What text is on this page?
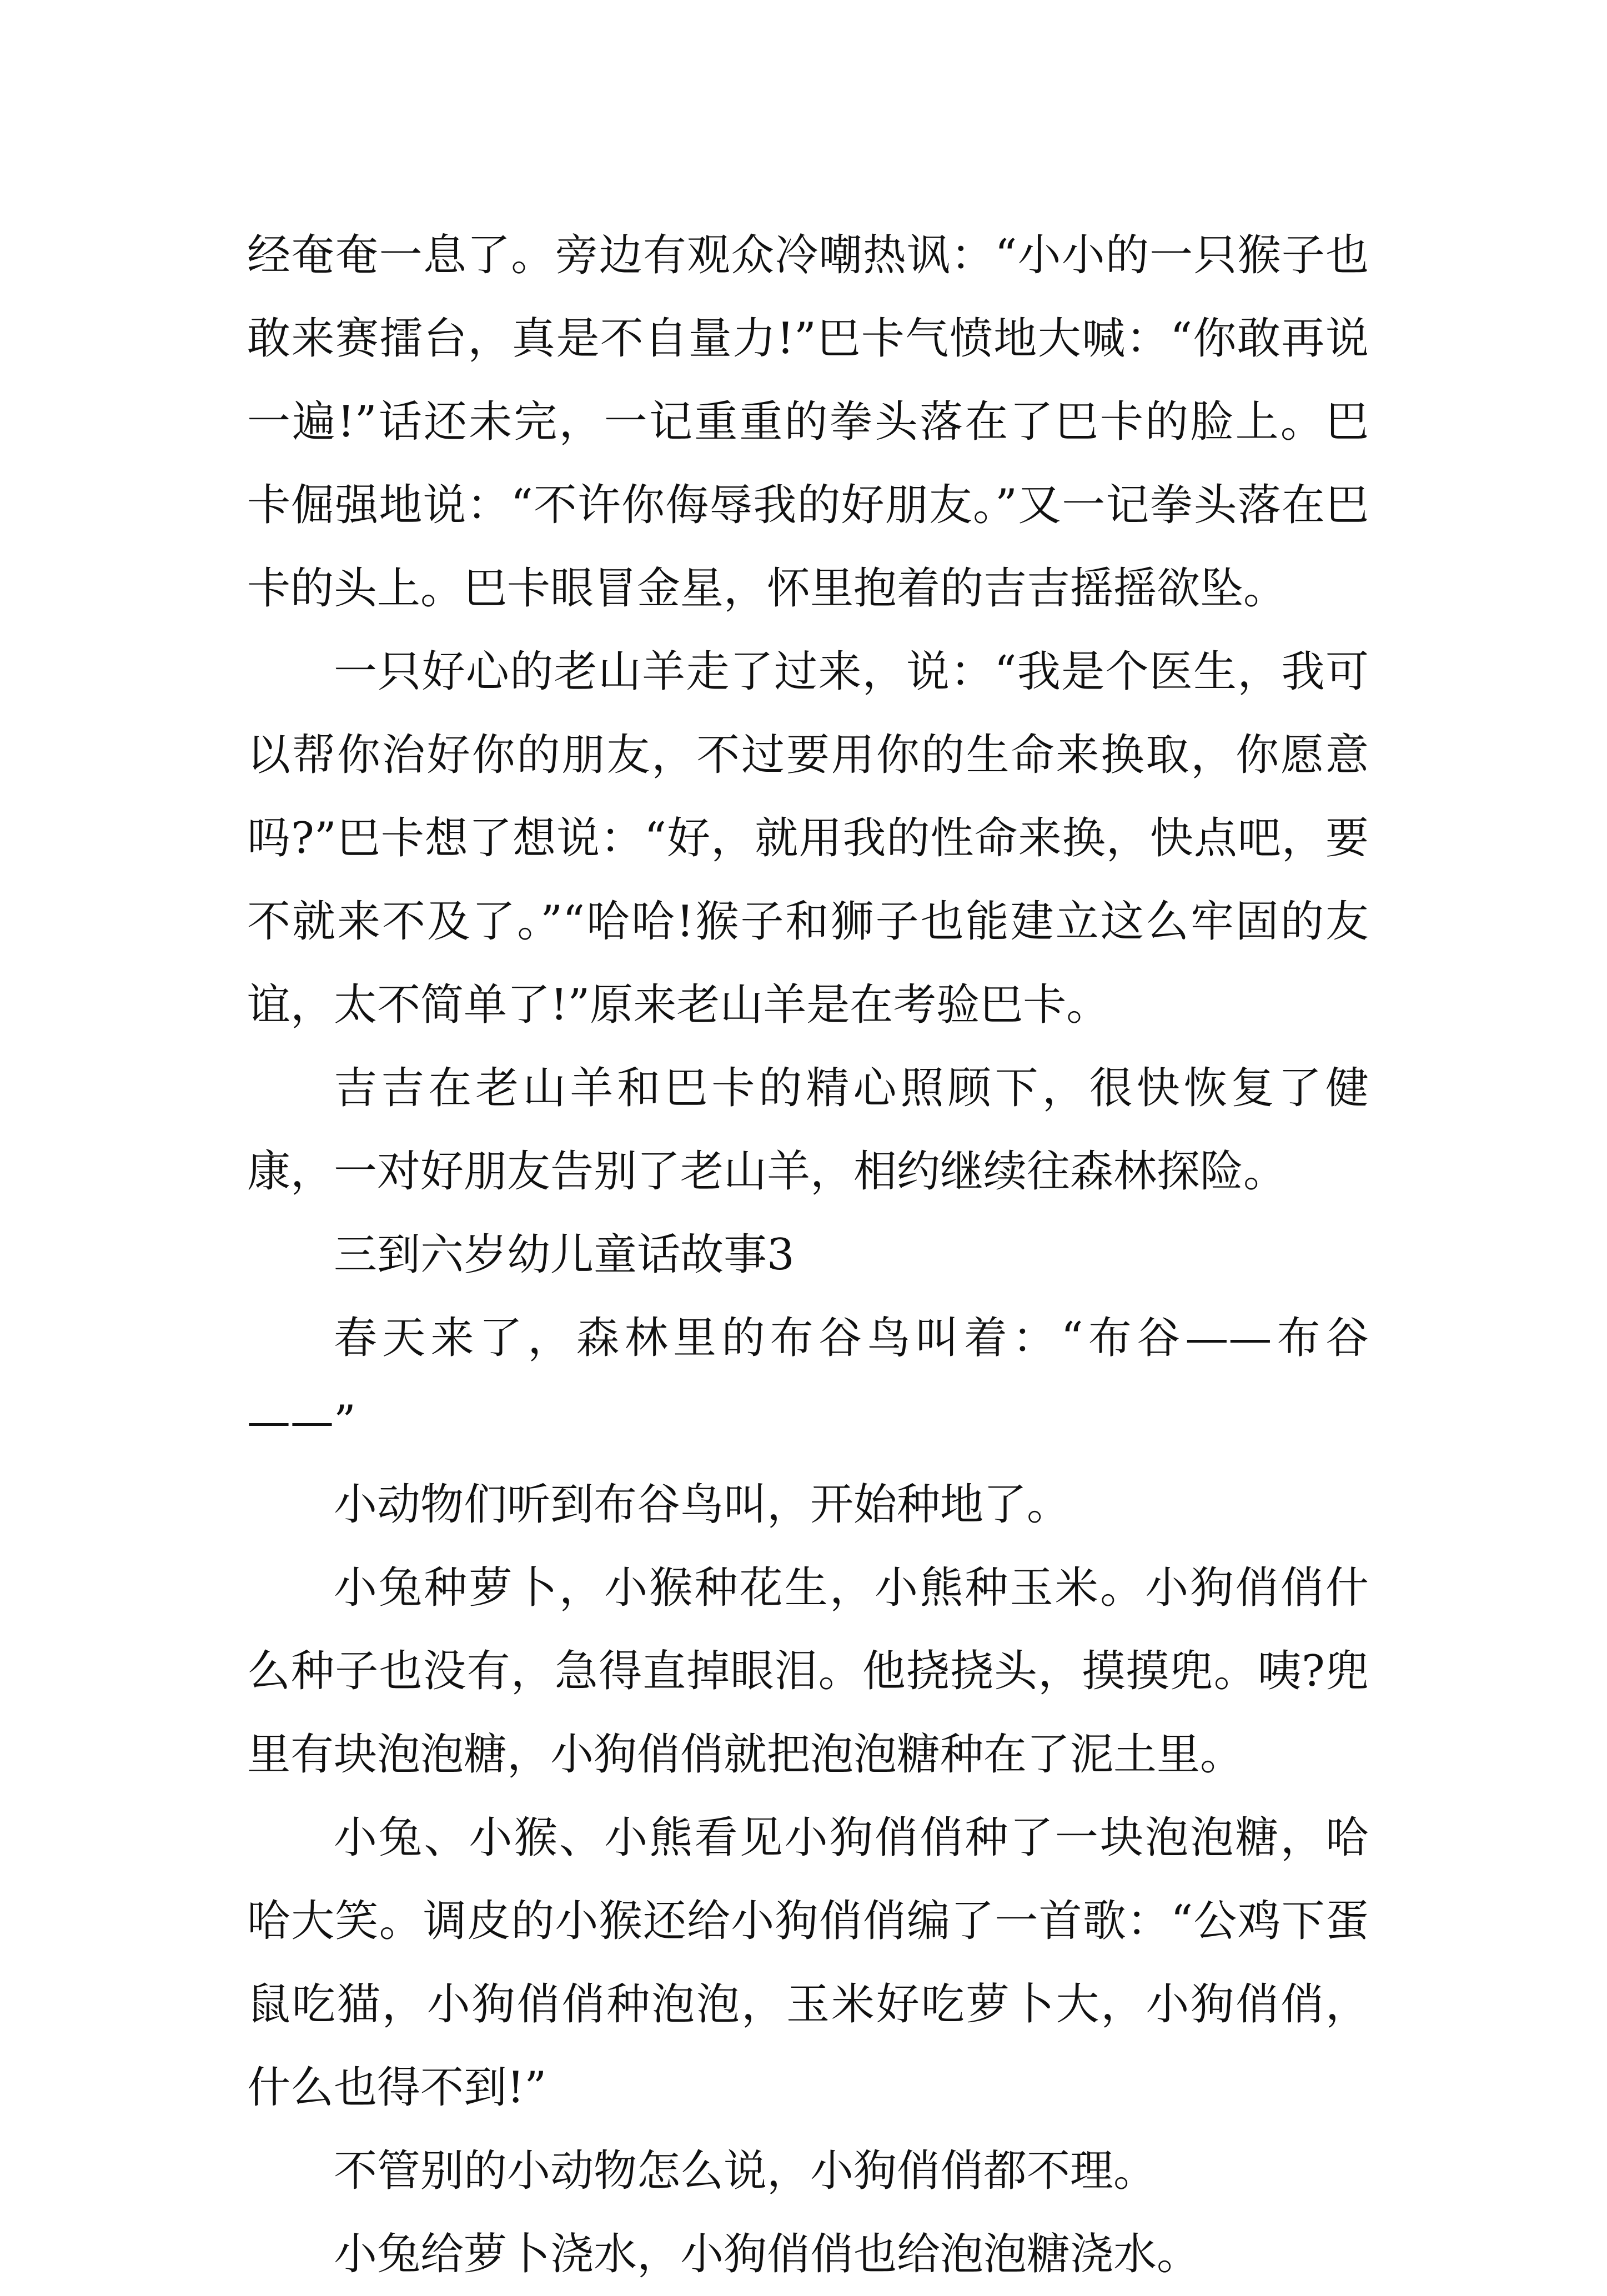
经奄奄一息了。旁边有观众冷嘲热讽：“小小的一只猴子也敢来赛擂台，真是不自量力!”巴卡气愤地大喊：“你敢再说一遍!”话还未完，一记重重的拳头落在了巴卡的脸上。巴卡倔强地说：“不许你侮辱我的好朋友。”又一记拳头落在巴卡的头上。巴卡眼冒金星，怀里抱着的吉吉摇摇欲坠。

一只好心的老山羊走了过来，说：“我是个医生，我可以帮你治好你的朋友，不过要用你的生命来换取，你愿意吗?”巴卡想了想说：“好，就用我的性命来换，快点吧，要不就来不及了。”“哈哈!猴子和狮子也能建立这么牢固的友谊，太不简单了!”原来老山羊是在考验巴卡。

吉吉在老山羊和巴卡的精心照顾下，很快恢复了健康，一对好朋友告别了老山羊，相约继续往森林探险。

三到六岁幼儿童话故事3

春天来了，森林里的布谷鸟叫着：“布谷——布谷——”

小动物们听到布谷鸟叫，开始种地了。

小兔种萝卜，小猴种花生，小熊种玉米。小狗俏俏什么种子也没有，急得直掉眼泪。他挠挠头，摸摸兜。咦?兜里有块泡泡糖，小狗俏俏就把泡泡糖种在了泥土里。

小兔、小猴、小熊看见小狗俏俏种了一块泡泡糖，哈哈大笑。调皮的小猴还给小狗俏俏编了一首歌：“公鸡下蛋鼠吃猫，小狗俏俏种泡泡，玉米好吃萝卜大，小狗俏俏，什么也得不到!”

不管别的小动物怎么说，小狗俏俏都不理。

小兔给萝卜浇水，小狗俏俏也给泡泡糖浇水。
